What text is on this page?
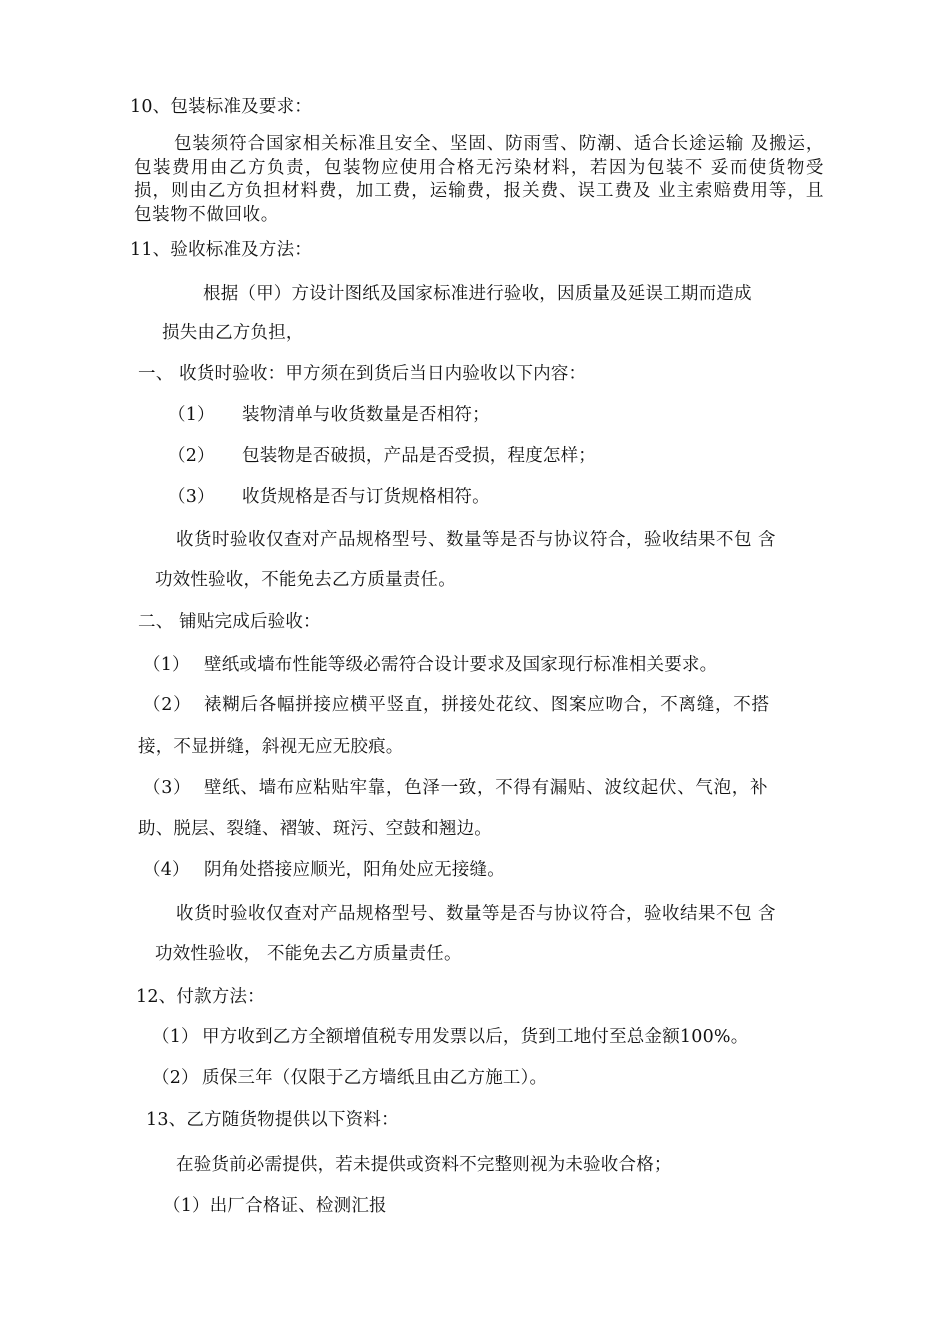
10、包装标准及要求：
包装须符合国家相关标准且安全、坚固、防雨雪、防潮、适合长途运输 及搬运，包装费用由乙方负责，包装物应使用合格无污染材料，若因为包装不 妥而使货物受损，则由乙方负担材料费，加工费，运输费，报关费、误工费及 业主索赔费用等，且包装物不做回收。
11、验收标准及方法：
根据（甲）方设计图纸及国家标准进行验收，因质量及延误工期而造成
损失由乙方负担，
一、 收货时验收：甲方须在到货后当日内验收以下内容：
（1） 装物清单与收货数量是否相符；
（2） 包装物是否破损，产品是否受损，程度怎样；
（3） 收货规格是否与订货规格相符。
收货时验收仅查对产品规格型号、数量等是否与协议符合，验收结果不包 含
功效性验收，不能免去乙方质量责任。
二、 铺贴完成后验收：
（1） 壁纸或墙布性能等级必需符合设计要求及国家现行标准相关要求。
（2） 裱糊后各幅拼接应横平竖直，拼接处花纹、图案应吻合，不离缝，不搭
接，不显拼缝，斜视无应无胶痕。
（3） 壁纸、墙布应粘贴牢靠，色泽一致，不得有漏贴、波纹起伏、气泡，补
助、脱层、裂缝、褶皱、斑污、空鼓和翘边。
（4） 阴角处搭接应顺光，阳角处应无接缝。
收货时验收仅查对产品规格型号、数量等是否与协议符合，验收结果不包 含
功效性验收， 不能免去乙方质量责任。
12、付款方法：
（1） 甲方收到乙方全额增值税专用发票以后，货到工地付至总金额100%。
（2） 质保三年（仅限于乙方墙纸且由乙方施工）。
13、乙方随货物提供以下资料：
在验货前必需提供，若未提供或资料不完整则视为未验收合格；
（1）出厂合格证、检测汇报
